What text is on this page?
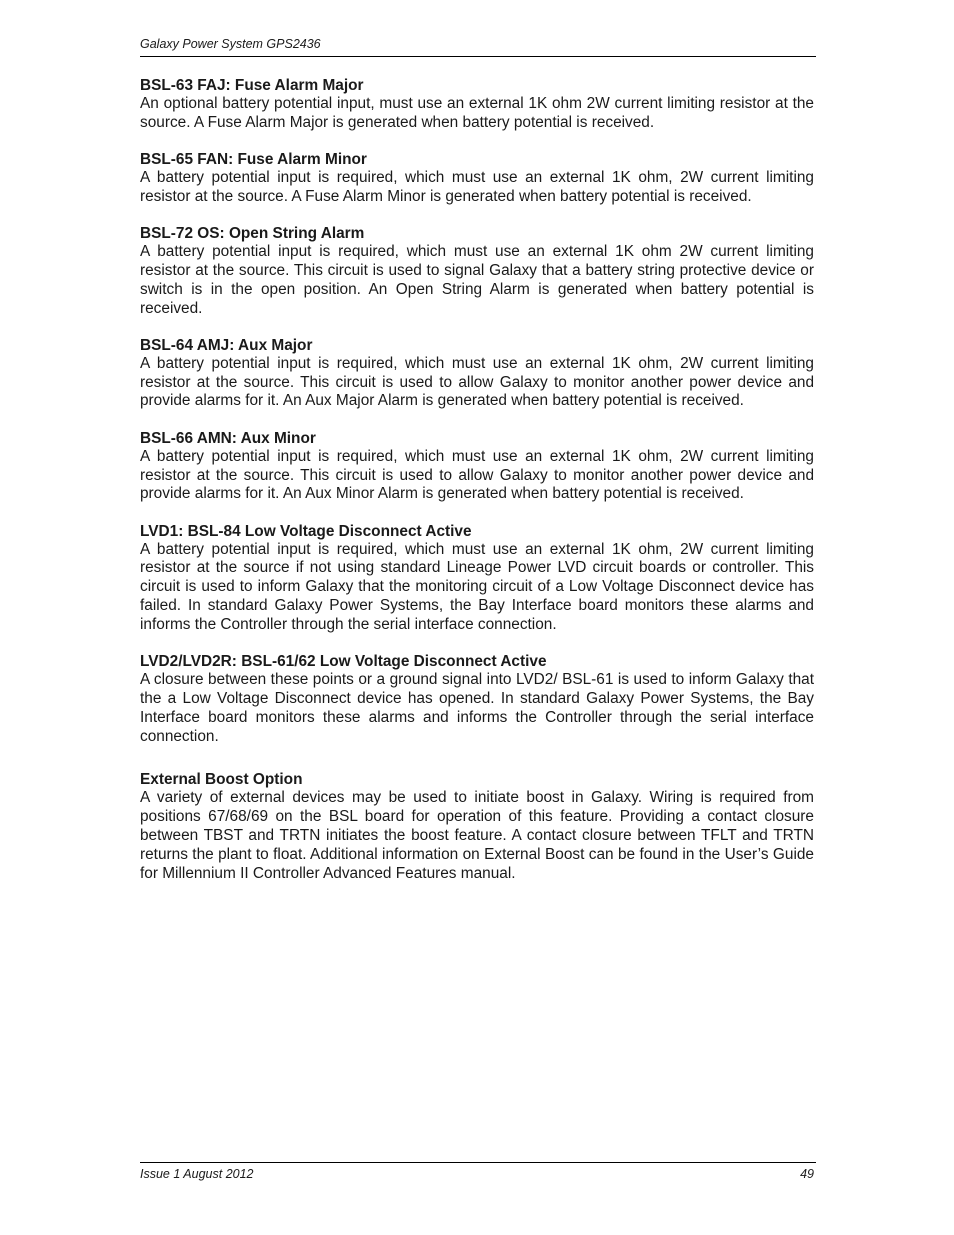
Galaxy Power System GPS2436
BSL-63 FAJ: Fuse Alarm Major

An optional battery potential input, must use an external 1K ohm 2W current limiting resistor at the source. A Fuse Alarm Major is generated when battery potential is received.

BSL-65 FAN: Fuse Alarm Minor

A battery potential input is required, which must use an external 1K ohm, 2W current limiting resistor at the source. A Fuse Alarm Minor is generated when battery potential is received.

BSL-72 OS: Open String Alarm

A battery potential input is required, which must use an external 1K ohm 2W current limiting resistor at the source. This circuit is used to signal Galaxy that a battery string protective device or switch is in the open position. An Open String Alarm is generated when battery potential is received.

BSL-64 AMJ: Aux Major

A battery potential input is required, which must use an external 1K ohm, 2W current limiting resistor at the source. This circuit is used to allow Galaxy to monitor another power device and provide alarms for it. An Aux Major Alarm is generated when battery potential is received.

BSL-66 AMN: Aux Minor

A battery potential input is required, which must use an external 1K ohm, 2W current limiting resistor at the source. This circuit is used to allow Galaxy to monitor another power device and provide alarms for it. An Aux Minor Alarm is generated when battery potential is received.

LVD1: BSL-84 Low Voltage Disconnect Active

A battery potential input is required, which must use an external 1K ohm, 2W current limiting resistor at the source if not using standard Lineage Power LVD circuit boards or controller. This circuit is used to inform Galaxy that the monitoring circuit of a Low Voltage Disconnect device has failed. In standard Galaxy Power Systems, the Bay Interface board monitors these alarms and informs the Controller through the serial interface connection.

LVD2/LVD2R: BSL-61/62 Low Voltage Disconnect Active

A closure between these points or a ground signal into LVD2/ BSL-61 is used to inform Galaxy that the a Low Voltage Disconnect device has opened. In standard Galaxy Power Systems, the Bay Interface board monitors these alarms and informs the Controller through the serial interface connection.

External Boost Option

A variety of external devices may be used to initiate boost in Galaxy. Wiring is required from positions 67/68/69 on the BSL board for operation of this feature. Providing a contact closure between TBST and TRTN initiates the boost feature. A contact closure between TFLT and TRTN returns the plant to float. Additional information on External Boost can be found in the User’s Guide for Millennium II Controller Advanced Features manual.

Issue 1 August 2012	49
